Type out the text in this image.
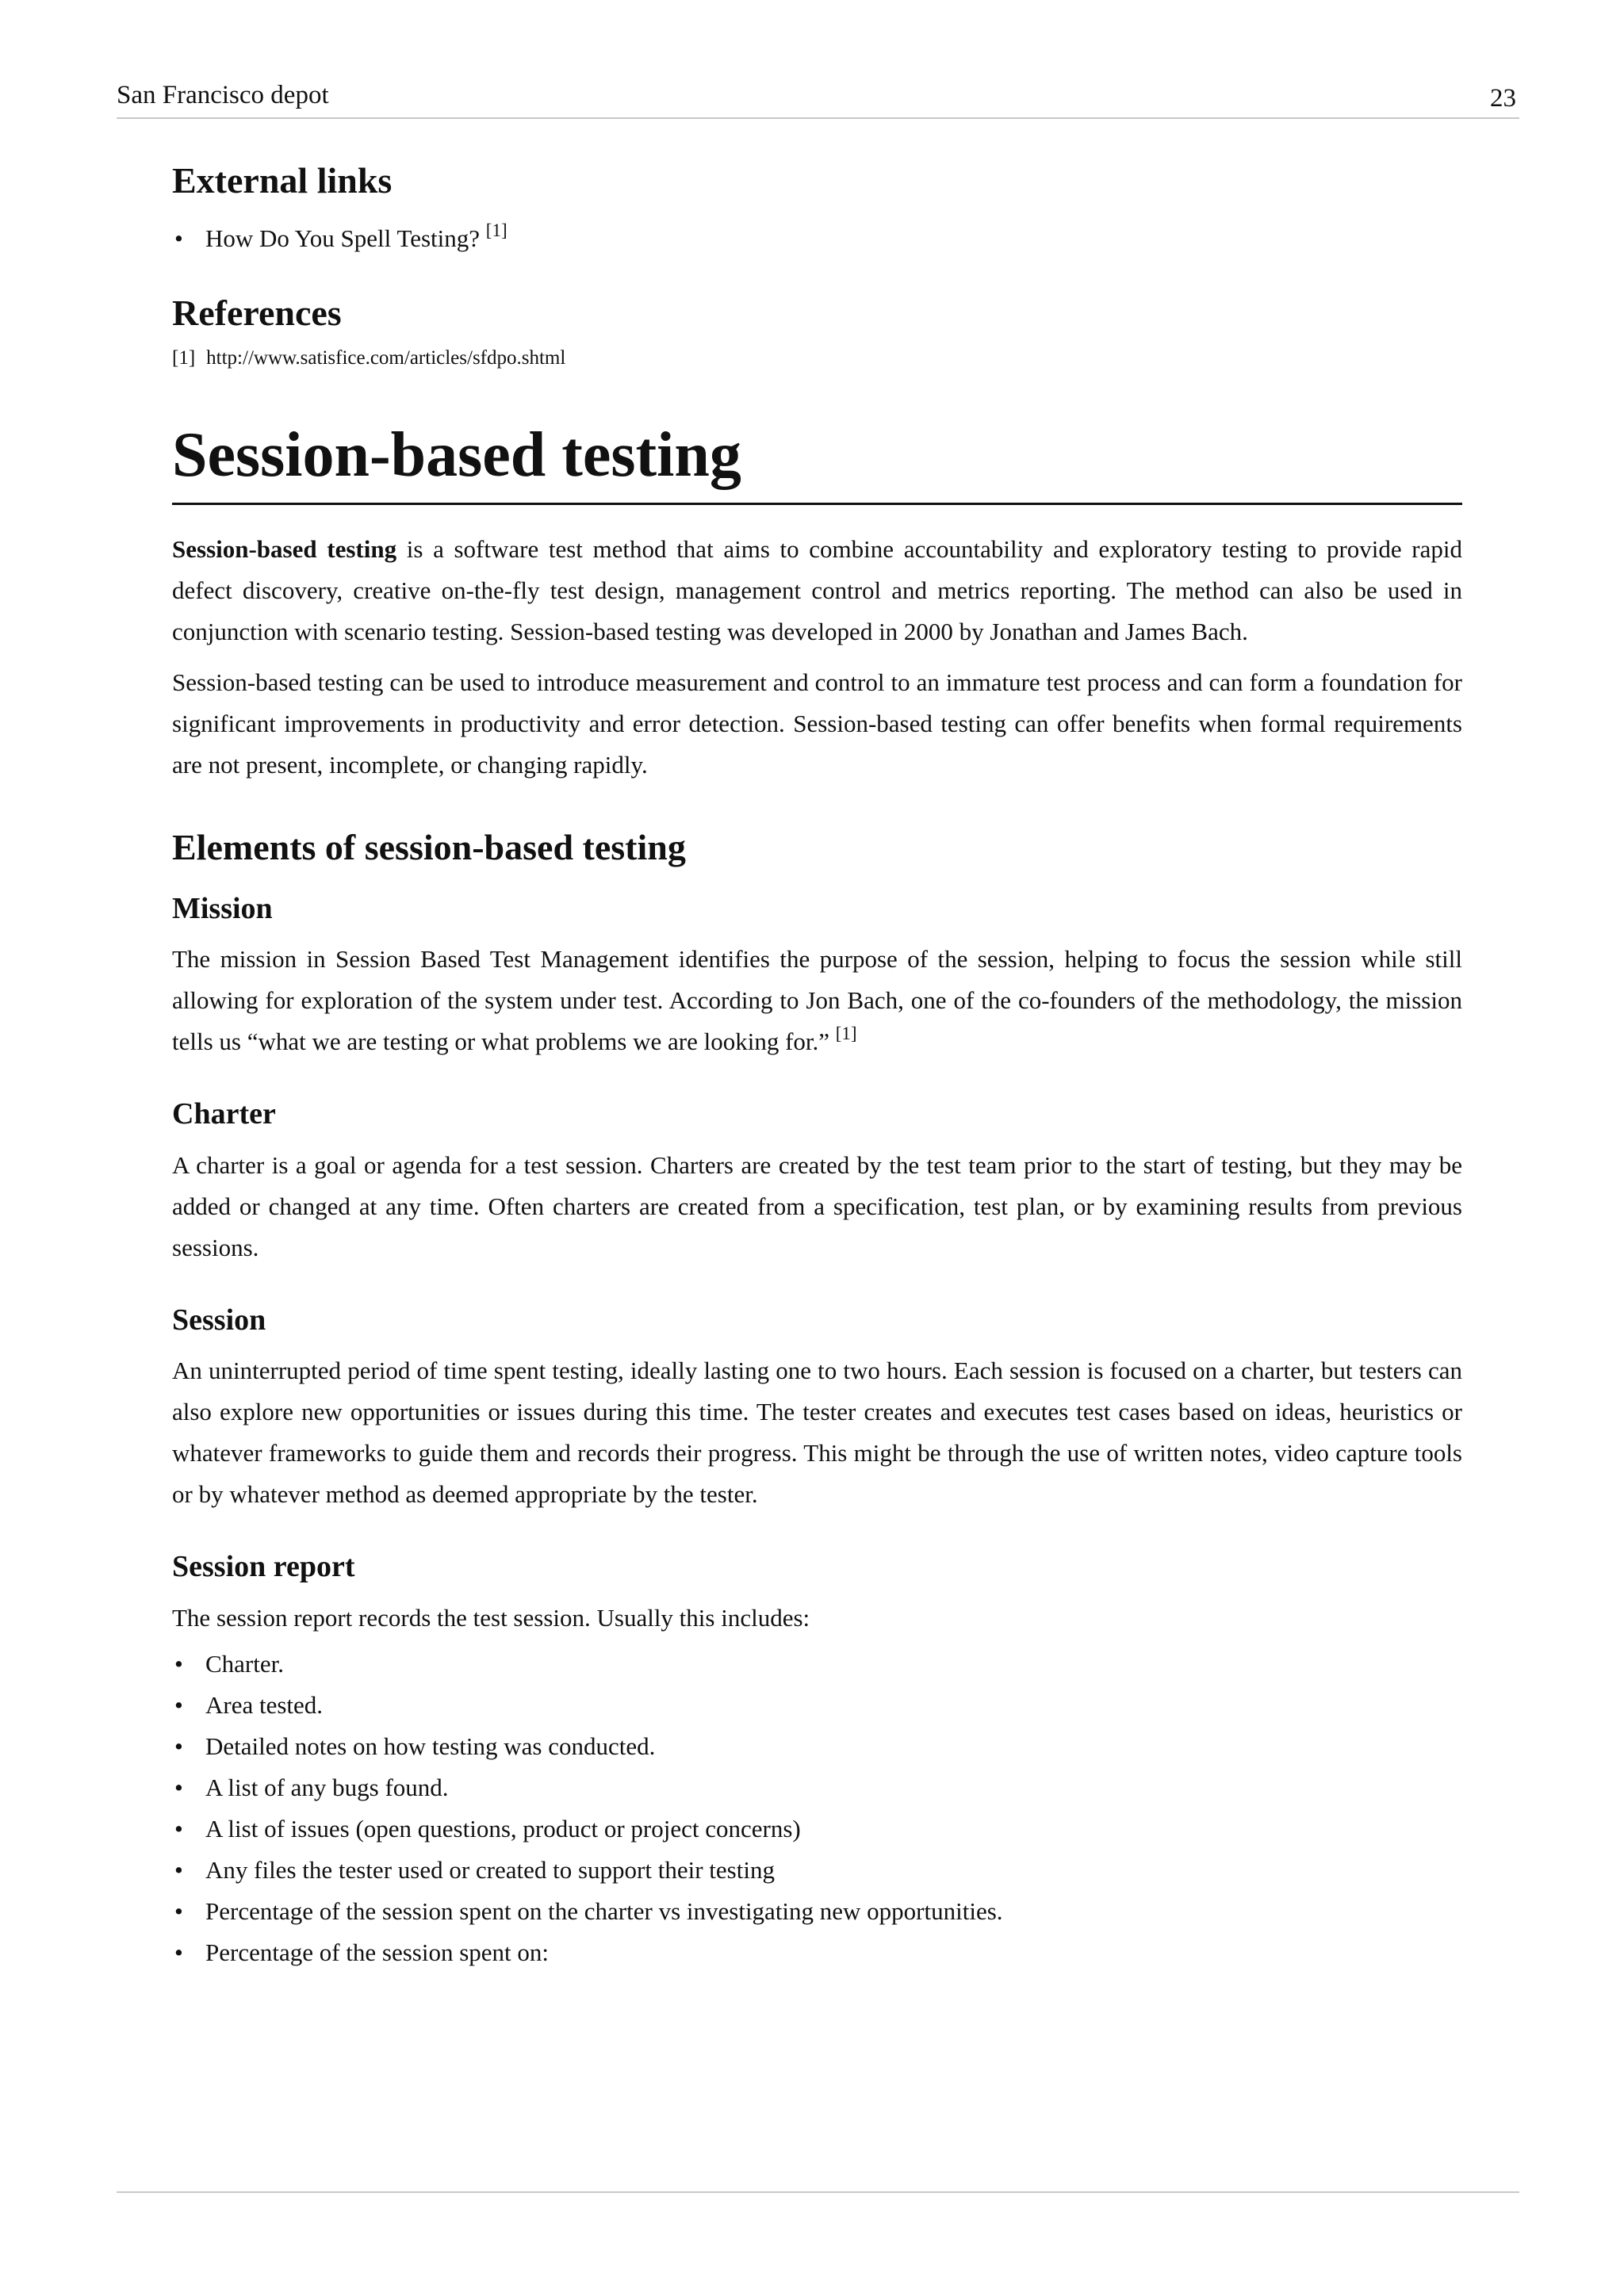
San Francisco depot	23
External links
• How Do You Spell Testing? [1]
References
[1] http://www.satisfice.com/articles/sfdpo.shtml
Session-based testing

Session-based testing is a software test method that aims to combine accountability and exploratory testing to provide rapid defect discovery, creative on-the-fly test design, management control and metrics reporting. The method can also be used in conjunction with scenario testing. Session-based testing was developed in 2000 by Jonathan and James Bach.

Session-based testing can be used to introduce measurement and control to an immature test process and can form a foundation for significant improvements in productivity and error detection. Session-based testing can offer benefits when formal requirements are not present, incomplete, or changing rapidly.

Elements of session-based testing
Mission

The mission in Session Based Test Management identifies the purpose of the session, helping to focus the session while still allowing for exploration of the system under test. According to Jon Bach, one of the co-founders of the methodology, the mission tells us “what we are testing or what problems we are looking for.” [1]

Charter

A charter is a goal or agenda for a test session. Charters are created by the test team prior to the start of testing, but they may be added or changed at any time. Often charters are created from a specification, test plan, or by examining results from previous sessions.

Session

An uninterrupted period of time spent testing, ideally lasting one to two hours. Each session is focused on a charter, but testers can also explore new opportunities or issues during this time. The tester creates and executes test cases based on ideas, heuristics or whatever frameworks to guide them and records their progress. This might be through the use of written notes, video capture tools or by whatever method as deemed appropriate by the tester.

Session report

The session report records the test session. Usually this includes:

• Charter.
• Area tested.
• Detailed notes on how testing was conducted.
• A list of any bugs found.
• A list of issues (open questions, product or project concerns)
• Any files the tester used or created to support their testing
• Percentage of the session spent on the charter vs investigating new opportunities.
• Percentage of the session spent on:
